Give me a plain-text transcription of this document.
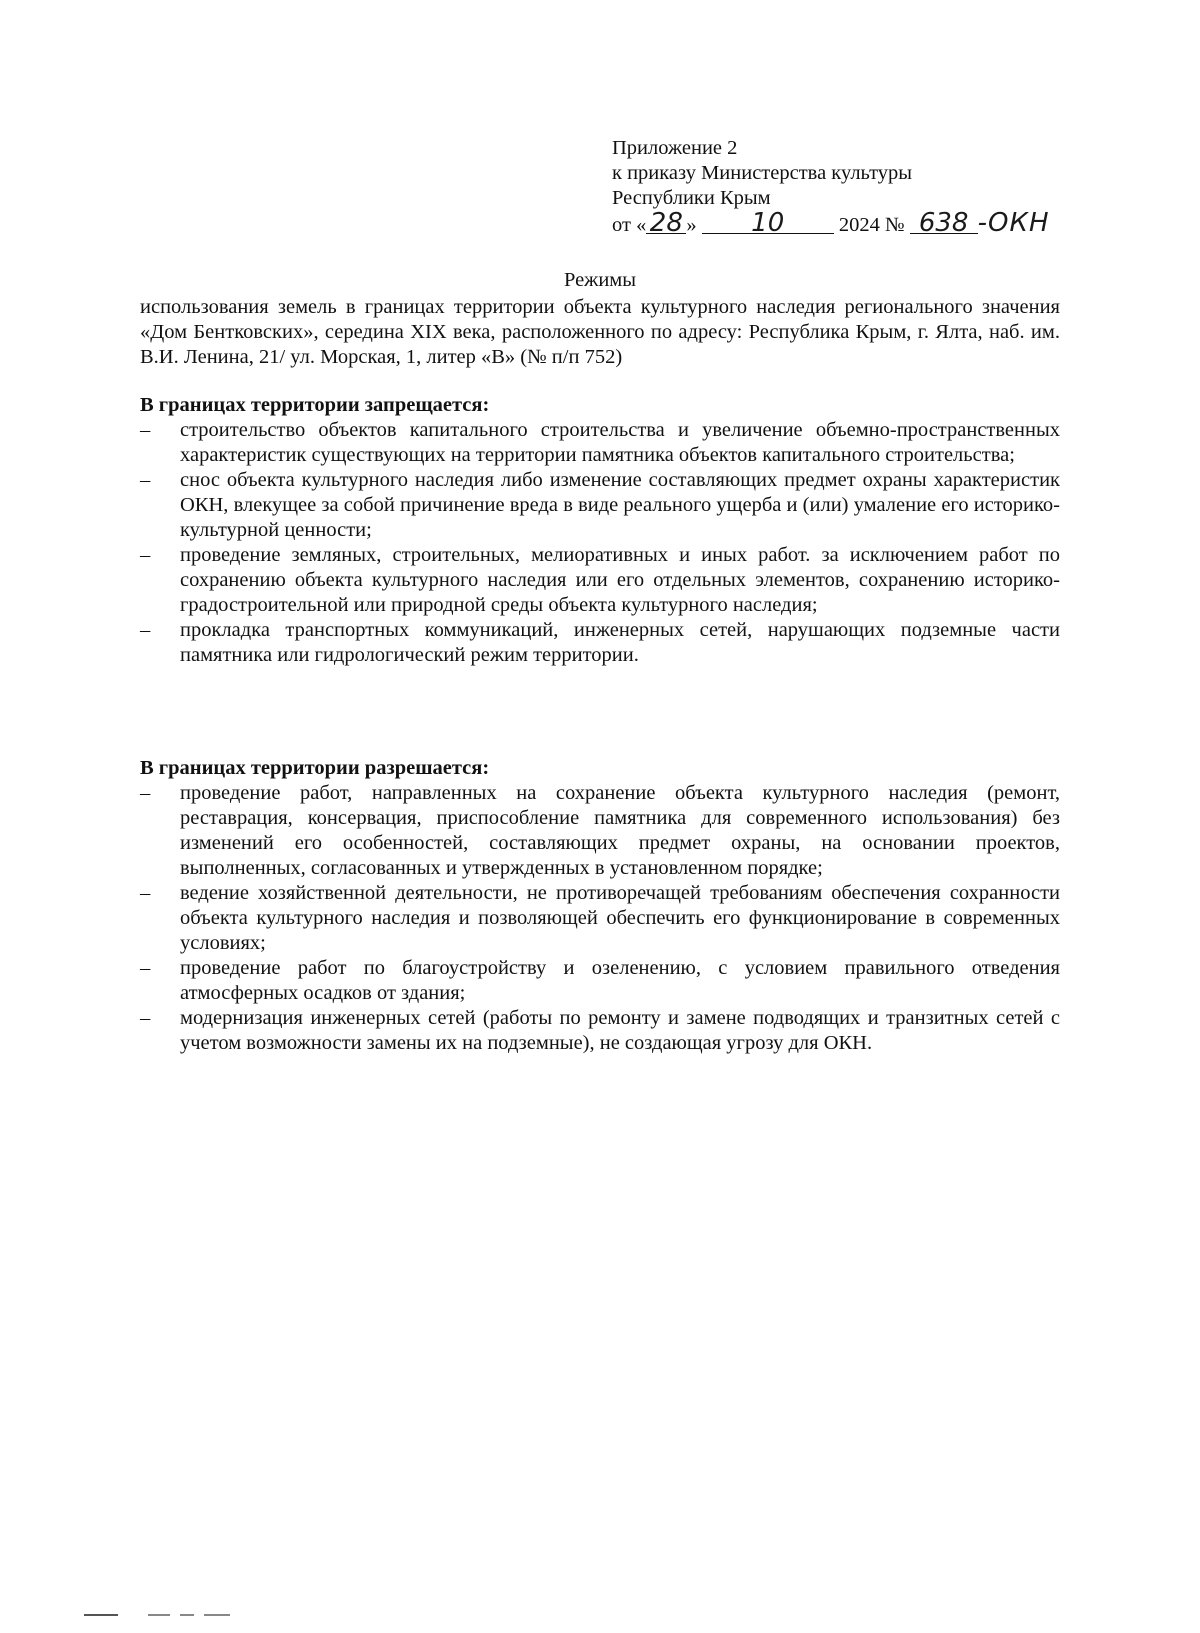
Приложение 2
к приказу Министерства культуры
Республики Крым
от « 28 » 10	2024 № 638 -ОКН
Режимы
использования земель в границах территории объекта культурного наследия регионального значения «Дом Бентковских», середина XIX века, расположенного по адресу: Республика Крым, г. Ялта, наб. им. В.И. Ленина, 21/ ул. Морская, 1, литер «В» (№ п/п 752)
В границах территории запрещается:
–	строительство объектов капитального строительства и увеличение объемно-пространственных характеристик существующих на территории памятника объектов капитального строительства;
–	снос объекта культурного наследия либо изменение составляющих предмет охраны характеристик ОКН, влекущее за собой причинение вреда в виде реального ущерба и (или) умаление его историко-культурной ценности;
–	проведение земляных, строительных, мелиоративных и иных работ. за исключением работ по сохранению объекта культурного наследия или его отдельных элементов, сохранению историко-градостроительной или природной среды объекта культурного наследия;
–	прокладка транспортных коммуникаций, инженерных сетей, нарушающих подземные части памятника или гидрологический режим территории.
В границах территории разрешается:
–	проведение работ, направленных на сохранение объекта культурного наследия (ремонт, реставрация, консервация, приспособление памятника для современного использования) без изменений его особенностей, составляющих предмет охраны, на основании проектов, выполненных, согласованных и утвержденных в установленном порядке;
–	ведение хозяйственной деятельности, не противоречащей требованиям обеспечения сохранности объекта культурного наследия и позволяющей обеспечить его функционирование в современных условиях;
–	проведение работ по благоустройству и озеленению, с условием правильного отведения атмосферных осадков от здания;
–	модернизация инженерных сетей (работы по ремонту и замене подводящих и транзитных сетей с учетом возможности замены их на подземные), не создающая угрозу для ОКН.
